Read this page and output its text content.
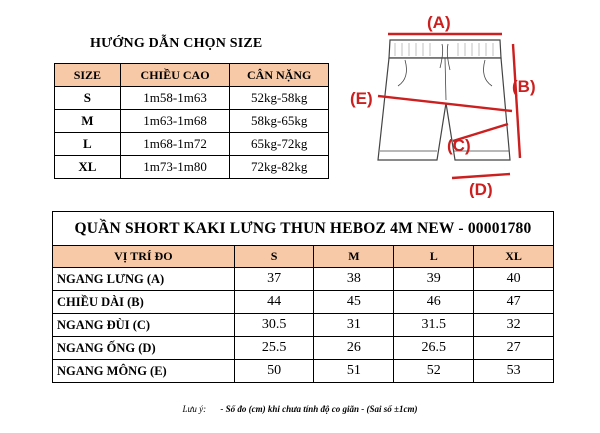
HƯỚNG DẪN CHỌN SIZE
SIZE	CHIỀU CAO	CÂN NẶNG
S	1m58-1m63	52kg-58kg
M	1m63-1m68	58kg-65kg
L	1m68-1m72	65kg-72kg
XL	1m73-1m80	72kg-82kg
(A)
(B)
(E)
(C)
(D)
QUẦN SHORT KAKI LƯNG THUN HEBOZ 4M NEW - 00001780				
VỊ TRÍ ĐO	S	M	L	XL
NGANG LƯNG (A)	37	38	39	40
CHIỀU DÀI (B)	44	45	46	47
NGANG ĐÙI (C)	30.5	31	31.5	32
NGANG ỐNG (D)	25.5	26	26.5	27
NGANG MÔNG (E)	50	51	52	53
Lưu ý: - Số đo (cm) khi chưa tính độ co giãn - (Sai số ±1cm)
